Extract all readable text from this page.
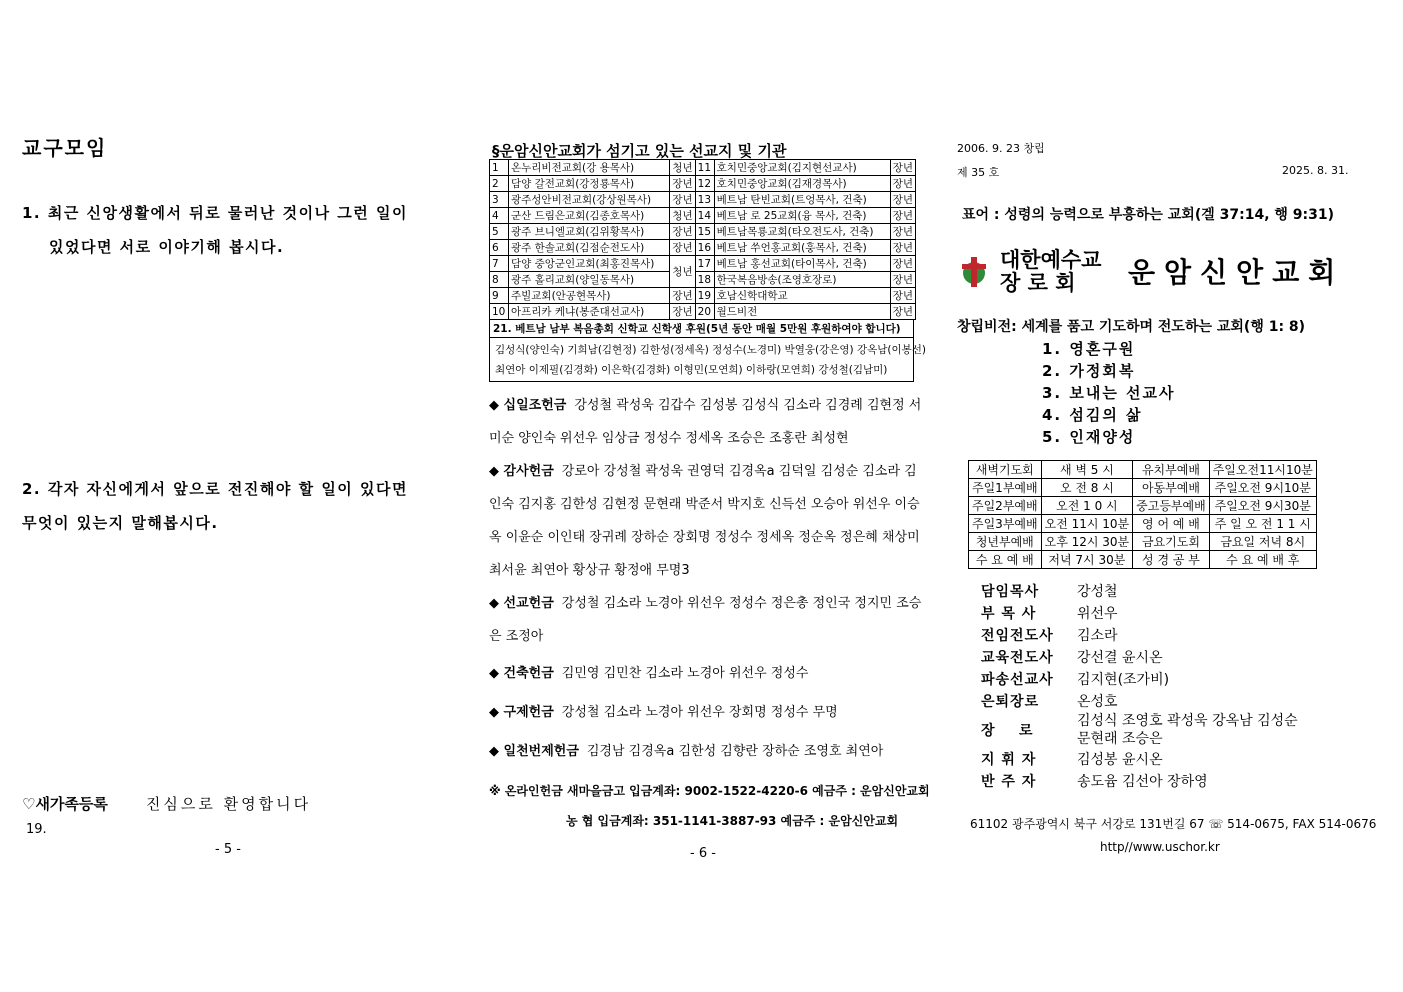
교구모임
1. 최근 신앙생활에서 뒤로 물러난 것이나 그런 일이
있었다면 서로 이야기해 봅시다.
2. 각자 자신에게서 앞으로 전진해야 할 일이 있다면
무엇이 있는지 말해봅시다.
♡새가족등록	진심으로 환영합니다
19.
- 5 -
§운암신안교회가 섬기고 있는 선교지 및 기관
1	온누리비전교회(강 용목사)	청년	11	호치민중앙교회(김지현선교사)	장년
2	담양 갈전교회(강정룡목사)	장년	12	호치민중앙교회(김재경목사)	장년
3	광주성안비전교회(강상원목사)	장년	13	베트남 탄빈교회(트엉목사, 건축)	장년
4	군산 드림은교회(김종호목사)	청년	14	베트남 로 25교회(융 목사, 건축)	장년
5	광주 브니엘교회(김위황목사)	장년	15	베트남목룡교회(타오전도사, 건축)	장년
6	광주 한솔교회(김점순전도사)	장년	16	베트남 쑤언홍교회(훙목사, 건축)	장년
7	담양 중앙군인교회(최홍진목사)	청년	17	베트남 홍선교회(타이목사, 건축)	장년
8	광주 홀리교회(양일동목사)		18	한국복음방송(조영호장로)	장년
9	주빌교회(안공현목사)	장년	19	호남신학대학교	장년
10	아프리카 케냐(봉준대선교사)	장년	20	월드비전	장년
21. 베트남 남부 복음총회 신학교 신학생 후원(5년 동안 매월 5만원 후원하여야 합니다)
김성식(양인숙) 기희남(김현정) 김한성(정세옥) 정성수(노경미) 박열웅(강은영) 강옥남(이봉선)
최연아 이제필(김경화) 이은학(김경화) 이형민(모연희) 이하랑(모연희) 강성철(김남미)
◆ 십일조헌금 강성철 곽성욱 김갑수 김성봉 김성식 김소라 김경례 김현정 서미순 양인숙 위선우 임상금 정성수 정세옥 조승은 조홍란 최성현
◆ 감사헌금 강로아 강성철 곽성욱 권영덕 김경옥a 김덕일 김성순 김소라 김인숙 김지홍 김한성 김현정 문현래 박준서 박지호 신득선 오승아 위선우 이승옥 이윤순 이인태 장귀례 장하순 장회명 정성수 정세옥 정순옥 정은혜 채상미 최서윤 최연아 황상규 황정애 무명3
◆ 선교헌금 강성철 김소라 노경아 위선우 정성수 정은총 정인국 정지민 조승은 조정아
◆ 건축헌금 김민영 김민찬 김소라 노경아 위선우 정성수
◆ 구제헌금 강성철 김소라 노경아 위선우 장회명 정성수 무명
◆ 일천번제헌금 김경남 김경옥a 김한성 김향란 장하순 조영호 최연아
※ 온라인헌금 새마을금고 입금계좌: 9002-1522-4220-6 예금주 : 운암신안교회
농 협 입금계좌: 351-1141-3887-93 예금주 : 운암신안교회
- 6 -
2006. 9. 23 창립
제 35 호	2025. 8. 31.
표어 : 성령의 능력으로 부흥하는 교회(겔 37:14, 행 9:31)
대한예수교
장 로 회	운암신안교회
창립비전: 세계를 품고 기도하며 전도하는 교회(행 1: 8)
1. 영혼구원
2. 가정회복
3. 보내는 선교사
4. 섬김의 삶
5. 인재양성
새벽기도회	새 벽 5 시	유치부예배	주일오전11시10분
주일1부예배	오 전 8 시	아동부예배	주일오전 9시10분
주일2부예배	오전 1 0 시	중고등부예배	주일오전 9시30분
주일3부예배	오전 11시 10분	영 어 예 배	주 일 오 전 1 1 시
청년부예배	오후 12시 30분	금요기도회	금요일 저녁 8시
수 요 예 배	저녁 7시 30분	성 경 공 부	수 요 예 배 후
담임목사	강성철
부 목 사	위선우
전임전도사	김소라
교육전도사	강선결 윤시온
파송선교사	김지현(조가비)
은퇴장로	온성호
장    로	김성식 조영호 곽성욱 강옥남 김성순
문현래 조승은
지 휘 자	김성봉 윤시온
반 주 자	송도윰 김선아 장하영
61102 광주광역시 북구 서강로 131번길 67 ☏ 514-0675, FAX 514-0676
http//www.uschor.kr
